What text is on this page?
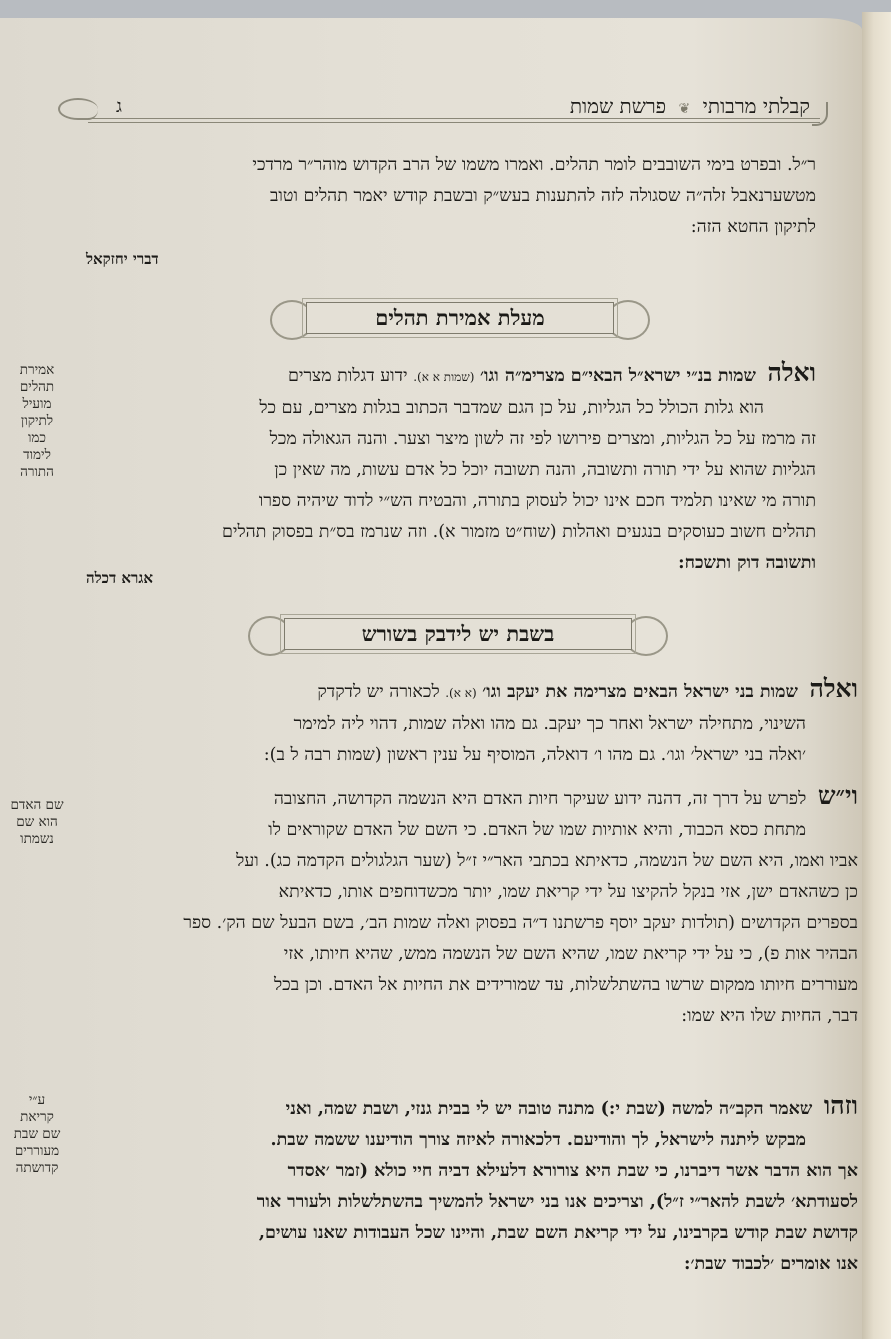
ג	קבלתי מרבותי ❦ פרשת שמות
ר״ל. ובפרט בימי השובבים לומר תהלים. ואמרו משמו של הרב הקדוש מוהר״ר מרדכי
מטשערנאבל זלה״ה שסגולה לזה להתענות בעש״ק ובשבת קודש יאמר תהלים וטוב
לתיקון החטא הזה:
דברי יחזקאל
מעלת אמירת תהלים
ואלה שמות בנ״י ישרא״ל הבאי״ם מצרימ״ה וגו׳ (שמות א א). ידוע דגלות מצרים
הוא גלות הכולל כל הגליות, על כן הגם שמדבר הכתוב בגלות מצרים, עם כל
זה מרמז על כל הגליות, ומצרים פירושו לפי זה לשון מיצר וצער. והנה הגאולה מכל
הגליות שהוא על ידי תורה ותשובה, והנה תשובה יוכל כל אדם עשות, מה שאין כן
תורה מי שאינו תלמיד חכם אינו יכול לעסוק בתורה, והבטיח הש״י לדוד שיהיה ספרו
תהלים חשוב כעוסקים בנגעים ואהלות (שוח״ט מזמור א). וזה שנרמז בס״ת בפסוק תהלים
ותשובה דוק ותשכח:
אמירת
תהלים
מועיל
לתיקון
כמו
לימוד
התורה
אגרא דכלה
בשבת יש לידבק בשורש
ואלה שמות בני ישראל הבאים מצרימה את יעקב וגו׳ (א א). לכאורה יש לדקדק
השינוי, מתחילה ישראל ואחר כך יעקב. גם מהו ואלה שמות, דהוי ליה למימר
׳ואלה בני ישראל׳ וגו׳. גם מהו ו׳ דואלה, המוסיף על ענין ראשון (שמות רבה ל ב):
וי״ש לפרש על דרך זה, דהנה ידוע שעיקר חיות האדם היא הנשמה הקדושה, החצובה
מתחת כסא הכבוד, והיא אותיות שמו של האדם. כי השם של האדם שקוראים לו
אביו ואמו, היא השם של הנשמה, כדאיתא בכתבי האר״י ז״ל (שער הגלגולים הקדמה כג). ועל
כן כשהאדם ישן, אזי בנקל להקיצו על ידי קריאת שמו, יותר מכשדוחפים אותו, כדאיתא
בספרים הקדושים (תולדות יעקב יוסף פרשתנו ד״ה בפסוק ואלה שמות הב׳, בשם הבעל שם הק׳. ספר
הבהיר אות פ), כי על ידי קריאת שמו, שהיא השם של הנשמה ממש, שהיא חיותו, אזי
מעוררים חיותו ממקום שרשו בהשתלשלות, עד שמורידים את החיות אל האדם. וכן בכל
דבר, החיות שלו היא שמו:
שם האדם
הוא שם
נשמתו
וזהו שאמר הקב״ה למשה (שבת י:) מתנה טובה יש לי בבית גנזי, ושבת שמה, ואני
מבקש ליתנה לישראל, לך והודיעם. דלכאורה לאיזה צורך הודיענו ששמה שבת.
אך הוא הדבר אשר דיברנו, כי שבת היא צורורא דלעילא דביה חיי כולא (זמר ׳אסדר
לסעודתא׳ לשבת להאר״י ז״ל), וצריכים אנו בני ישראל להמשיך בהשתלשלות ולעורר אור
קדושת שבת קודש בקרבינו, על ידי קריאת השם שבת, והיינו שכל העבודות שאנו עושים,
אנו אומרים ׳לכבוד שבת׳:
ע״י
קריאת
שם שבת
מעוררים
קדושתה
